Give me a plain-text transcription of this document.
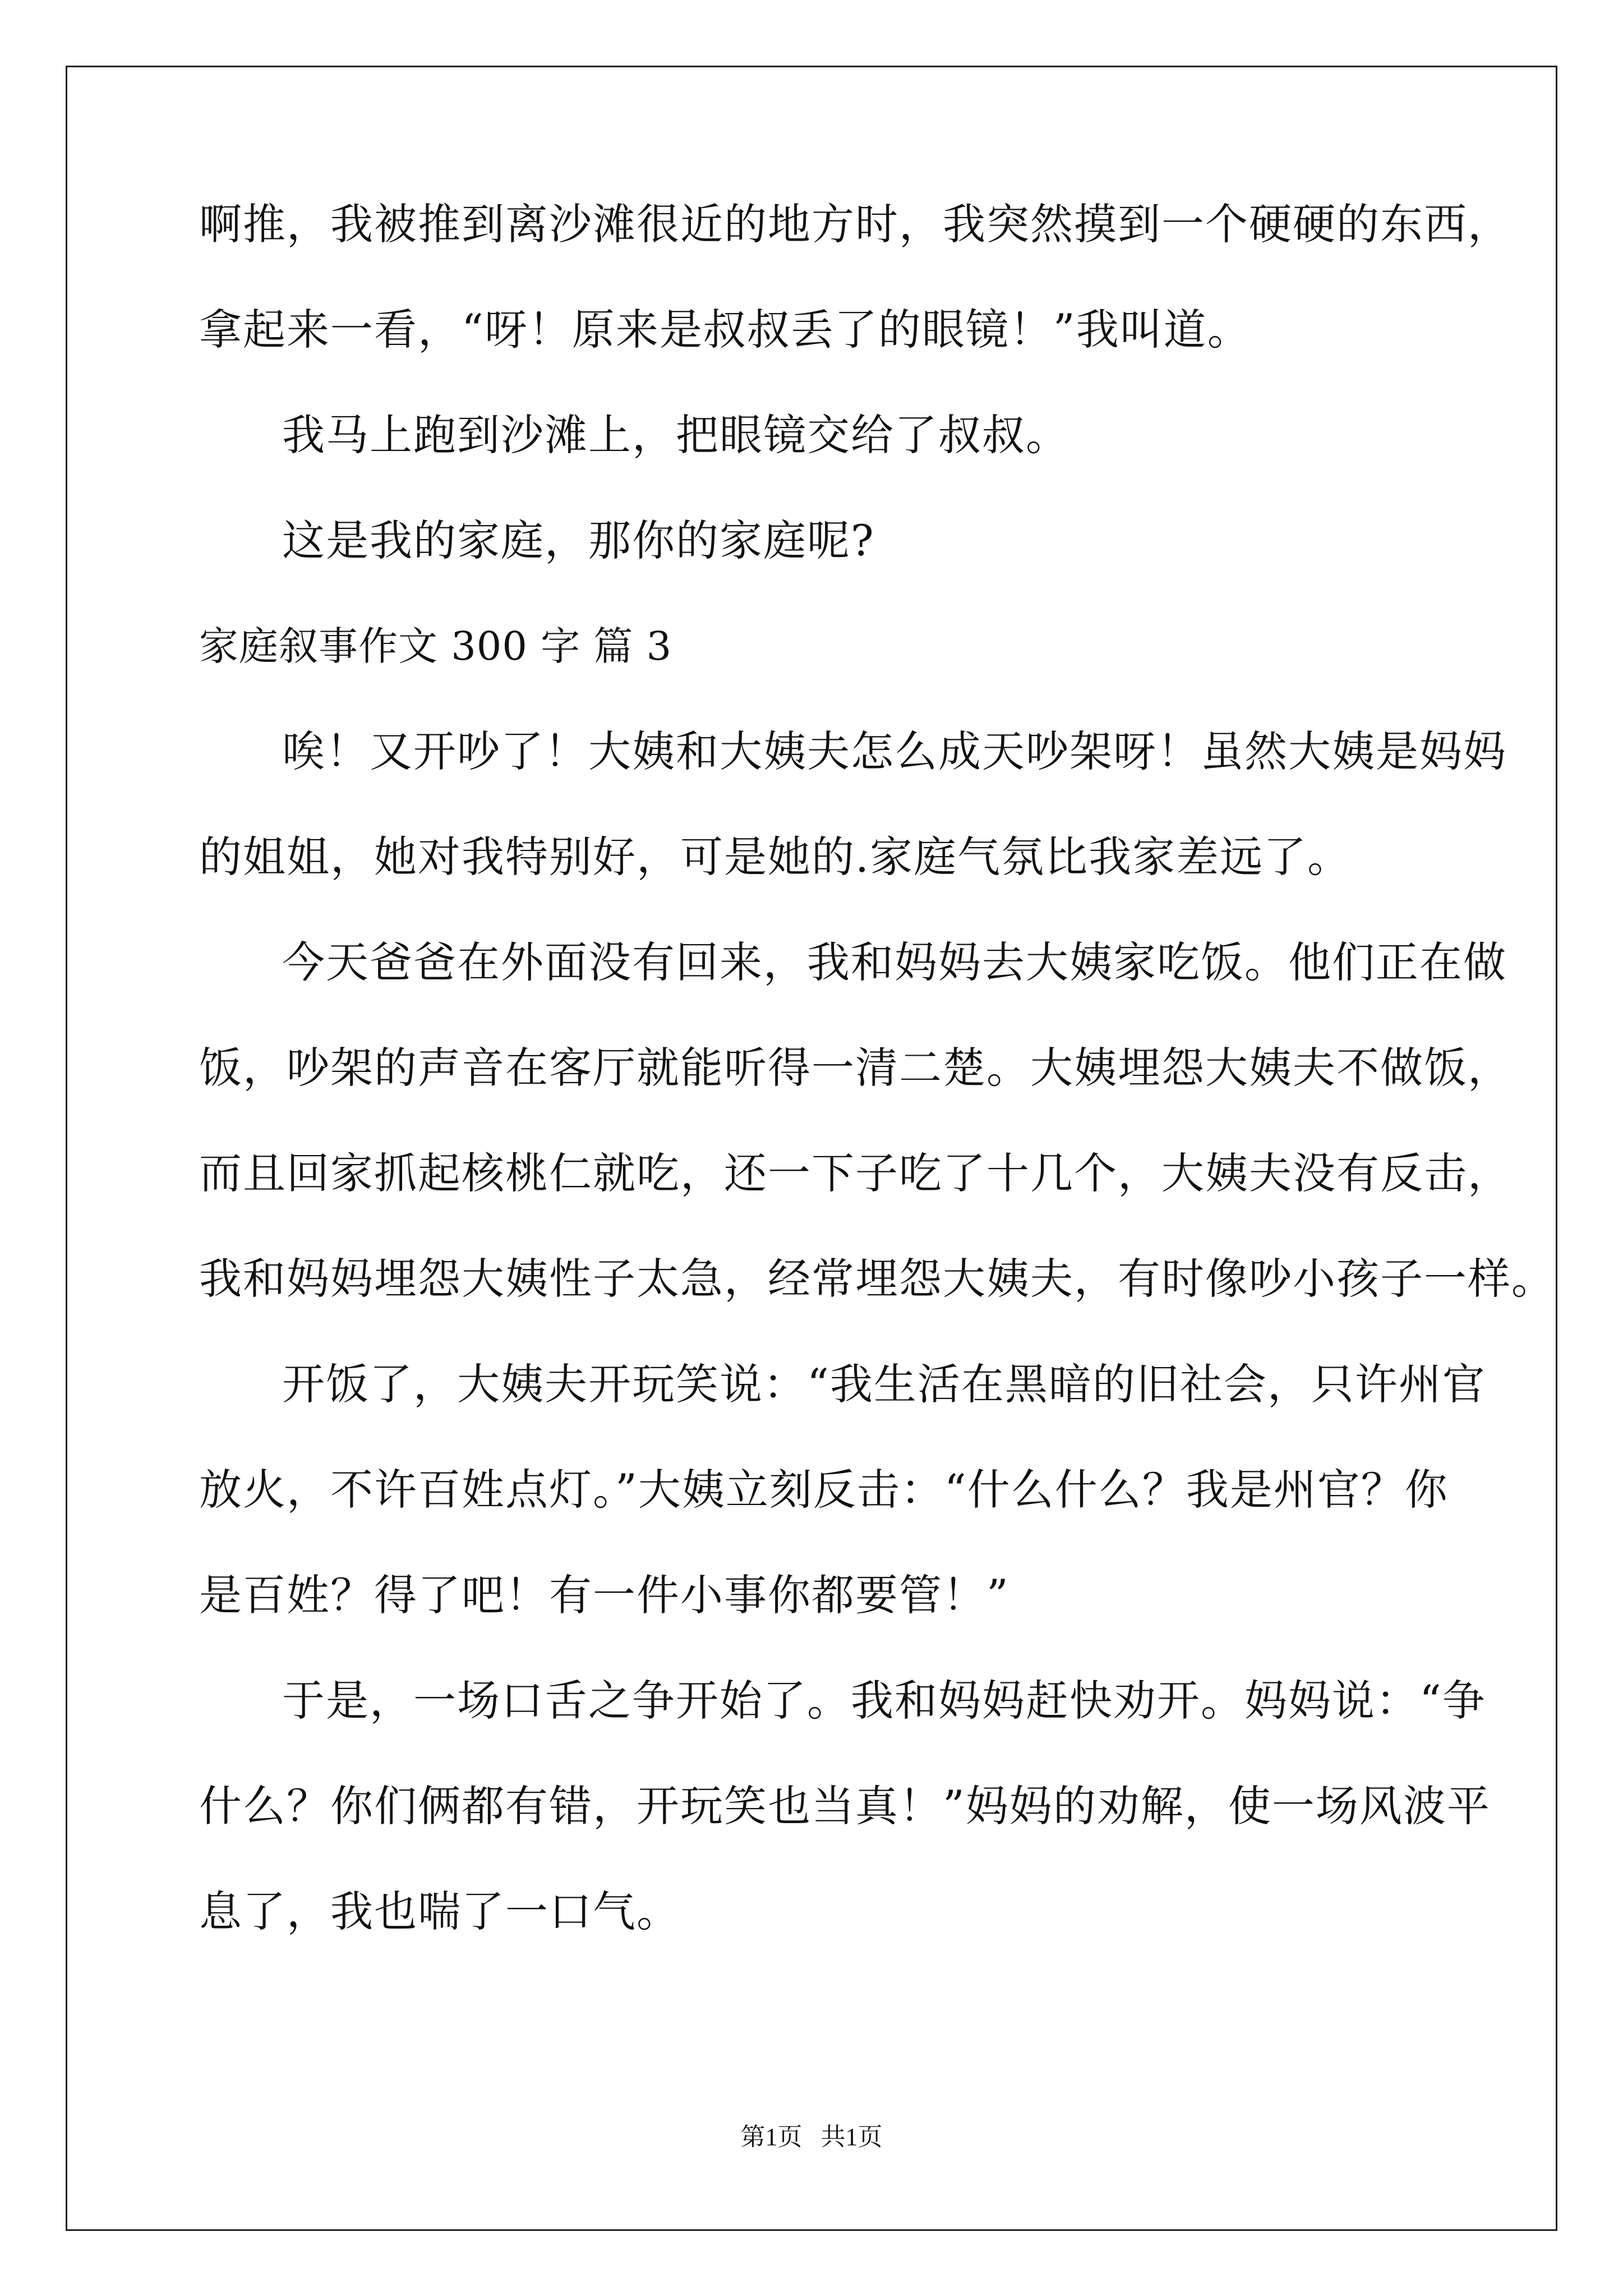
啊推，我被推到离沙滩很近的地方时，我突然摸到一个硬硬的东西，
拿起来一看，“呀！原来是叔叔丢了的眼镜！”我叫道。
我马上跑到沙滩上，把眼镜交给了叔叔。
这是我的家庭，那你的家庭呢?
家庭叙事作文 300 字 篇 3
唉！又开吵了！大姨和大姨夫怎么成天吵架呀！虽然大姨是妈妈
的姐姐，她对我特别好，可是她的.家庭气氛比我家差远了。
今天爸爸在外面没有回来，我和妈妈去大姨家吃饭。他们正在做
饭，吵架的声音在客厅就能听得一清二楚。大姨埋怨大姨夫不做饭，
而且回家抓起核桃仁就吃，还一下子吃了十几个，大姨夫没有反击，
我和妈妈埋怨大姨性子太急，经常埋怨大姨夫，有时像吵小孩子一样。
开饭了，大姨夫开玩笑说：“我生活在黑暗的旧社会，只许州官
放火，不许百姓点灯。”大姨立刻反击：“什么什么？我是州官？你
是百姓？得了吧！有一件小事你都要管！”
于是，一场口舌之争开始了。我和妈妈赶快劝开。妈妈说：“争
什么？你们俩都有错，开玩笑也当真！”妈妈的劝解，使一场风波平
息了，我也喘了一口气。
第1页   共1页
